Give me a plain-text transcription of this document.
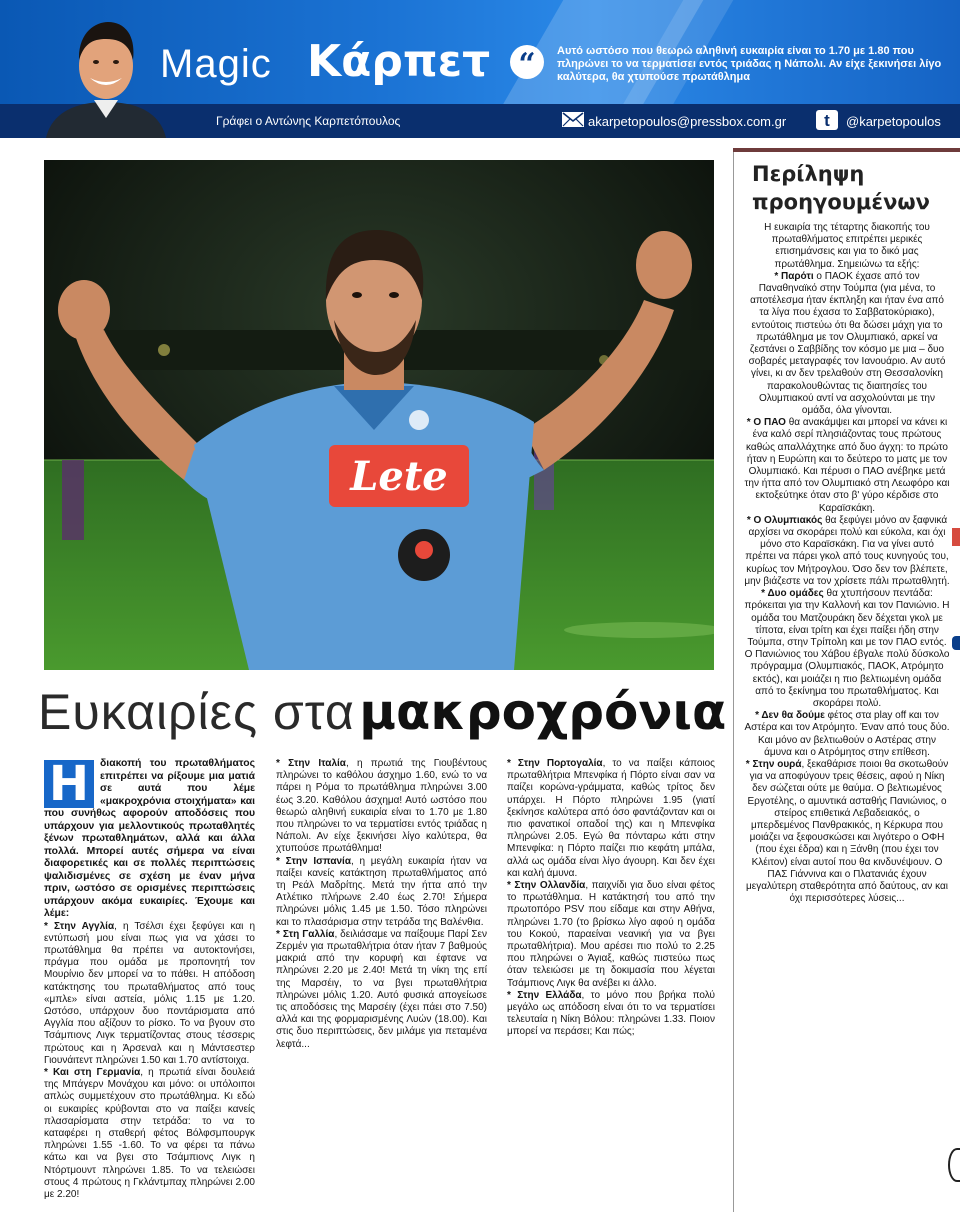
Magic Κάρπετ “	Αυτό ωστόσο που θεωρώ αληθινή ευκαιρία είναι το 1.70 με 1.80 που πληρώνει το να τερματίσει εντός τριάδας η Νάπολι. Αν είχε ξεκινήσει λίγο καλύτερα, θα χτυπούσε πρωτάθλημα
Γράφει ο Αντώνης Καρπετόπουλος	akarpetopoulos@pressbox.com.gr	t	@karpetopoulos
Lete
Ευκαιρίες στα μακροχρόνια
Η	διακοπή του πρωταθλήματος επιτρέπει να ρίξουμε μια ματιά σε αυτά που λέμε «μακροχρόνια στοιχήματα» και που συνήθως αφορούν αποδόσεις που υπάρχουν για μελλοντικούς πρωταθλητές ξένων πρωταθλημάτων, αλλά και άλλα πολλά. Μπορεί αυτές σήμερα να είναι διαφορετικές και σε πολλές περιπτώσεις ψαλιδισμένες σε σχέση με έναν μήνα πριν, ωστόσο σε ορισμένες περιπτώσεις υπάρχουν ακόμα ευκαιρίες. Έχουμε και λέμε:

* Στην Αγγλία, η Τσέλσι έχει ξεφύγει και η εντύπωσή μου είναι πως για να χάσει το πρωτάθλημα θα πρέπει να αυτοκτονήσει, πράγμα που ομάδα με προπονητή τον Μουρίνιο δεν μπορεί να το πάθει. Η απόδοση κατάκτησης του πρωταθλήματος από τους «μπλε» είναι αστεία, μόλις 1.15 με 1.20. Ωστόσο, υπάρχουν δυο ποντάρισματα από Αγγλία που αξίζουν το ρίσκο. Το να βγουν στο Τσάμπιονς Λιγκ τερματίζοντας στους τέσσερις πρώτους και η Άρσεναλ και η Μάντσεστερ Γιουνάιτεντ πληρώνει 1.50 και 1.70 αντίστοιχα.

* Και στη Γερμανία, η πρωτιά είναι δουλειά της Μπάγερν Μονάχου και μόνο: οι υπόλοιποι απλώς συμμετέχουν στο πρωτάθλημα. Κι εδώ οι ευκαιρίες κρύβονται στο να παίξει κανείς πλασαρίσματα στην τετράδα: το να το καταφέρει η σταθερή φέτος Βόλφσμπουργκ πληρώνει 1.55 -1.60. Το να φέρει τα πάνω κάτω και να βγει στο Τσάμπιονς Λιγκ η Ντόρτμουντ πληρώνει 1.85. Το να τελειώσει στους 4 πρώτους η Γκλάντμπαχ πληρώνει 2.00 με 2.20!

* Στην Ιταλία, η πρωτιά της Γιουβέντους πληρώνει το καθόλου άσχημο 1.60, ενώ το να πάρει η Ρόμα το πρωτάθλημα πληρώνει 3.00 έως 3.20. Καθόλου άσχημα! Αυτό ωστόσο που θεωρώ αληθινή ευκαιρία είναι το 1.70 με 1.80 που πληρώνει το να τερματίσει εντός τριάδας η Νάπολι. Αν είχε ξεκινήσει λίγο καλύτερα, θα χτυπούσε πρωτάθλημα!

* Στην Ισπανία, η μεγάλη ευκαιρία ήταν να παίξει κανείς κατάκτηση πρωταθλήματος από τη Ρεάλ Μαδρίτης. Μετά την ήττα από την Ατλέτικο πλήρωνε 2.40 έως 2.70! Σήμερα πληρώνει μόλις 1.45 με 1.50. Τόσο πληρώνει και το πλασάρισμα στην τετράδα της Βαλένθια.

* Στη Γαλλία, δειλιάσαμε να παίξουμε Παρί Σεν Ζερμέν για πρωταθλήτρια όταν ήταν 7 βαθμούς μακριά από την κορυφή και έφτανε να πληρώνει 2.20 με 2.40! Μετά τη νίκη της επί της Μαρσέιγ, το να βγει πρωταθλήτρια πληρώνει μόλις 1.20. Αυτό φυσικά απογείωσε τις αποδόσεις της Μαρσέιγ (έχει πάει στο 7.50) αλλά και της φορμαρισμένης Λυών (18.00). Και στις δυο περιπτώσεις, δεν μιλάμε για πεταμένα λεφτά...

* Στην Πορτογαλία, το να παίξει κάποιος πρωταθλήτρια Μπενφίκα ή Πόρτο είναι σαν να παίζει κορώνα-γράμματα, καθώς τρίτος δεν υπάρχει. Η Πόρτο πληρώνει 1.95 (γιατί ξεκίνησε καλύτερα από όσο φαντάζονταν και οι πιο φανατικοί οπαδοί της) και η Μπενφίκα πληρώνει 2.05. Εγώ θα πόνταρω κάτι στην Μπενφίκα: η Πόρτο παίζει πιο κεφάτη μπάλα, αλλά ως ομάδα είναι λίγο άγουρη. Και δεν έχει και καλή άμυνα.

* Στην Ολλανδία, παιχνίδι για δυο είναι φέτος το πρωτάθλημα. Η κατάκτησή του από την πρωτοπόρο PSV που είδαμε και στην Αθήνα, πληρώνει 1.70 (το βρίσκω λίγο αφού η ομάδα του Κοκού, παραείναι νεανική για να βγει πρωταθλήτρια). Μου αρέσει πιο πολύ το 2.25 που πληρώνει ο Άγιαξ, καθώς πιστεύω πως όταν τελειώσει με τη δοκιμασία που λέγεται Τσάμπιονς Λιγκ θα ανέβει κι άλλο.

* Στην Ελλάδα, το μόνο που βρήκα πολύ μεγάλο ως απόδοση είναι ότι το να τερματίσει τελευταία η Νίκη Βόλου: πληρώνει 1.33. Ποιον μπορεί να περάσει; Και πώς;

Περίληψη προηγουμένων

Η ευκαιρία της τέταρτης διακοπής του πρωταθλήματος επιτρέπει μερικές επισημάνσεις και για το δικό μας πρωτάθλημα. Σημειώνω τα εξής:

* Παρότι ο ΠΑΟΚ έχασε από τον Παναθηναϊκό στην Τούμπα (για μένα, το αποτέλεσμα ήταν έκπληξη και ήταν ένα από τα λίγα που έχασα το Σαββατοκύριακο), εντούτοις πιστεύω ότι θα δώσει μάχη για το πρωτάθλημα με τον Ολυμπιακό, αρκεί να ζεστάνει ο Σαββίδης τον κόσμο με μια – δυο σοβαρές μεταγραφές τον Ιανουάριο. Αν αυτό γίνει, κι αν δεν τρελαθούν στη Θεσσαλονίκη παρακολουθώντας τις διαιτησίες του Ολυμπιακού αντί να ασχολούνται με την ομάδα, όλα γίνονται.

* Ο ΠΑΟ θα ανακάμψει και μπορεί να κάνει κι ένα καλό σερί πλησιάζοντας τους πρώτους καθώς απαλλάχτηκε από δυο άγχη: το πρώτο ήταν η Ευρώπη και το δεύτερο το ματς με τον Ολυμπιακό. Και πέρυσι ο ΠΑΟ ανέβηκε μετά την ήττα από τον Ολυμπιακό στη Λεωφόρο και εκτοξεύτηκε όταν στο β' γύρο κέρδισε στο Καραϊσκάκη.

* Ο Ολυμπιακός θα ξεφύγει μόνο αν ξαφνικά αρχίσει να σκοράρει πολύ και εύκολα, και όχι μόνο στο Καραϊσκάκη. Για να γίνει αυτό πρέπει να πάρει γκολ από τους κυνηγούς του, κυρίως τον Μήτρογλου. Όσο δεν τον βλέπετε, μην βιάζεστε να τον χρίσετε πάλι πρωταθλητή.

* Δυο ομάδες θα χτυπήσουν πεντάδα: πρόκειται για την Καλλονή και τον Πανιώνιο. Η ομάδα του Ματζουράκη δεν δέχεται γκολ με τίποτα, είναι τρίτη και έχει παίξει ήδη στην Τούμπα, στην Τρίπολη και με τον ΠΑΟ εντός. Ο Πανιώνιος του Χάβου έβγαλε πολύ δύσκολο πρόγραμμα (Ολυμπιακός, ΠΑΟΚ, Ατρόμητο εκτός), και μοιάζει η πιο βελτιωμένη ομάδα από το ξεκίνημα του πρωταθλήματος. Και σκοράρει πολύ.

* Δεν θα δούμε φέτος στα play off και τον Αστέρα και τον Ατρόμητο. Έναν από τους δύο. Και μόνο αν βελτιωθούν ο Αστέρας στην άμυνα και ο Ατρόμητος στην επίθεση.

* Στην ουρά, ξεκαθάρισε ποιοι θα σκοτωθούν για να αποφύγουν τρεις θέσεις, αφού η Νίκη δεν σώζεται ούτε με θαύμα. Ο βελτιωμένος Εργοτέλης, ο αμυντικά ασταθής Πανιώνιος, ο στείρος επιθετικά Λεβαδειακός, ο μπερδεμένος Πανθρακικός, η Κέρκυρα που μοιάζει να ξεφουσκώσει και λιγότερο ο ΟΦΗ (που έχει έδρα) και η Ξάνθη (που έχει τον Κλέιτον) είναι αυτοί που θα κινδυνέψουν. Ο ΠΑΣ Γιάννινα και ο Πλατανιάς έχουν μεγαλύτερη σταθερότητα από δαύτους, αν και όχι περισσότερες λύσεις...
